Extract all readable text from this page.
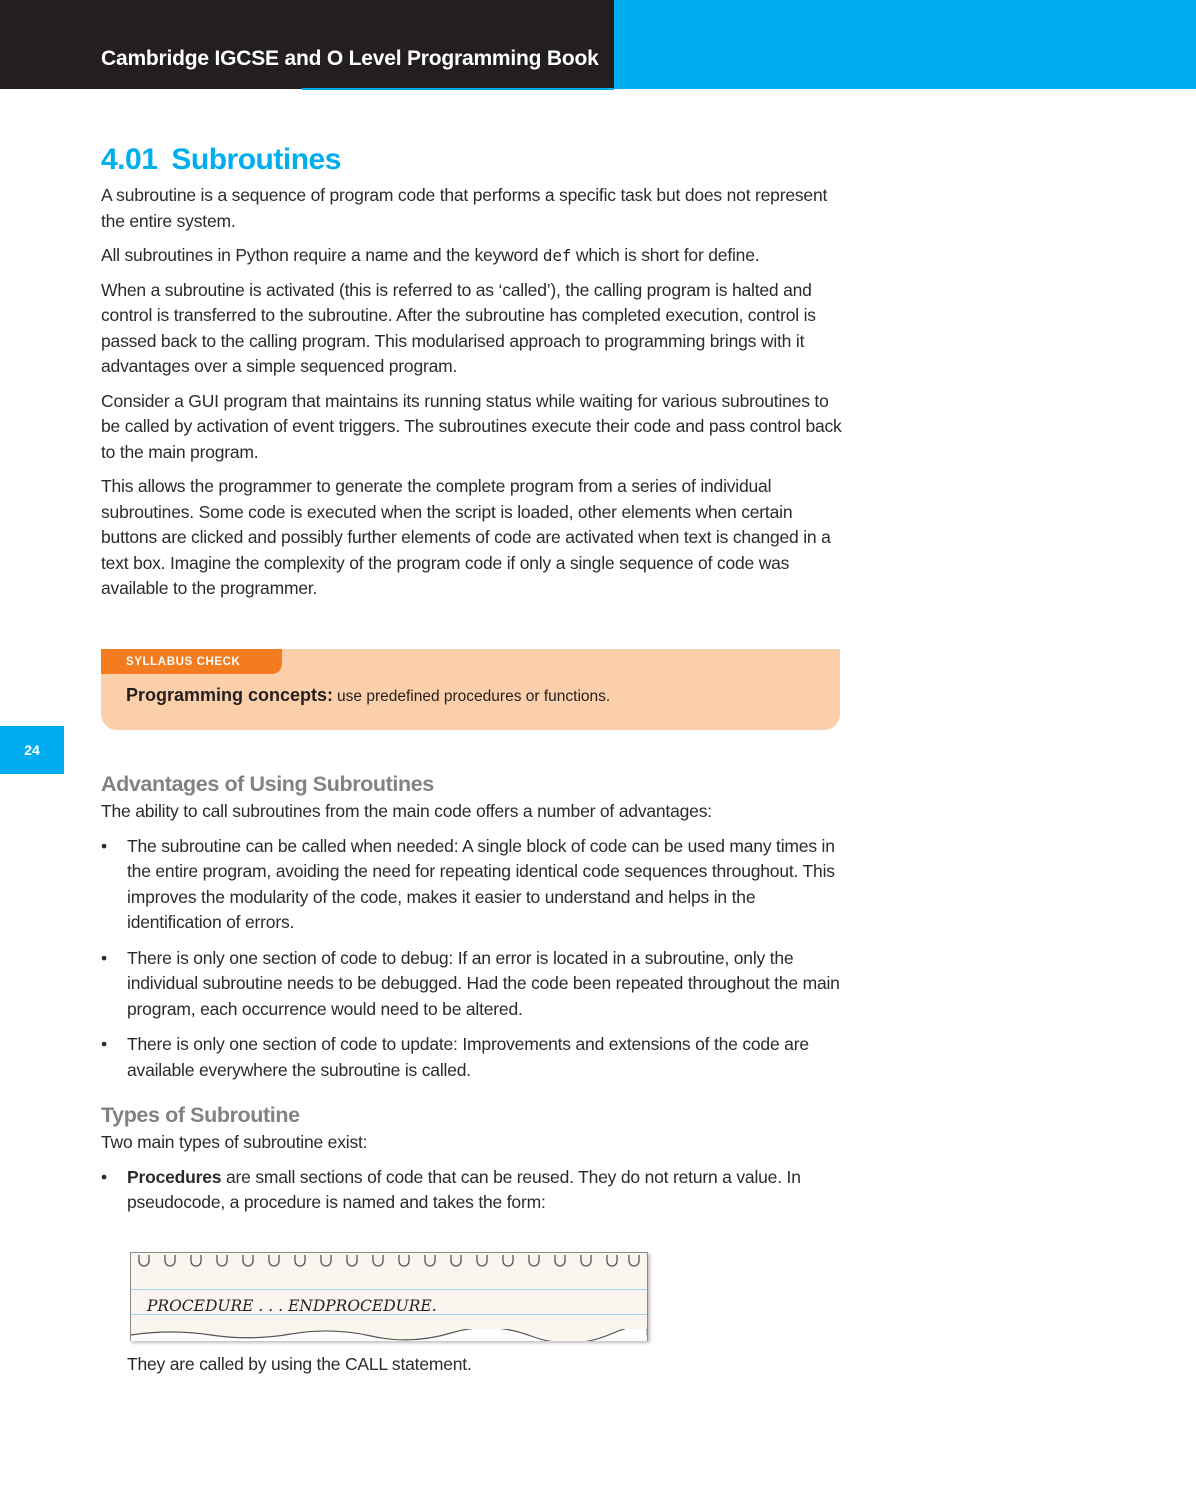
Cambridge IGCSE and O Level Programming Book
24
4.01 Subroutines

A subroutine is a sequence of program code that performs a specific task but does not represent the entire system.

All subroutines in Python require a name and the keyword def which is short for define.

When a subroutine is activated (this is referred to as ‘called’), the calling program is halted and control is transferred to the subroutine. After the subroutine has completed execution, control is passed back to the calling program. This modularised approach to programming brings with it advantages over a simple sequenced program.

Consider a GUI program that maintains its running status while waiting for various subroutines to be called by activation of event triggers. The subroutines execute their code and pass control back to the main program.

This allows the programmer to generate the complete program from a series of individual subroutines. Some code is executed when the script is loaded, other elements when certain buttons are clicked and possibly further elements of code are activated when text is changed in a text box. Imagine the complexity of the program code if only a single sequence of code was available to the programmer.

SYLLABUS CHECK
Programming concepts: use predefined procedures or functions.
Advantages of Using Subroutines

The ability to call subroutines from the main code offers a number of advantages:

• The subroutine can be called when needed: A single block of code can be used many times in the entire program, avoiding the need for repeating identical code sequences throughout. This improves the modularity of the code, makes it easier to understand and helps in the identification of errors.
• There is only one section of code to debug: If an error is located in a subroutine, only the individual subroutine needs to be debugged. Had the code been repeated throughout the main program, each occurrence would need to be altered.
• There is only one section of code to update: Improvements and extensions of the code are available everywhere the subroutine is called.
Types of Subroutine

Two main types of subroutine exist:

• Procedures are small sections of code that can be reused. They do not return a value. In pseudocode, a procedure is named and takes the form:
PROCEDURE . . . ENDPROCEDURE.
They are called by using the CALL statement.
